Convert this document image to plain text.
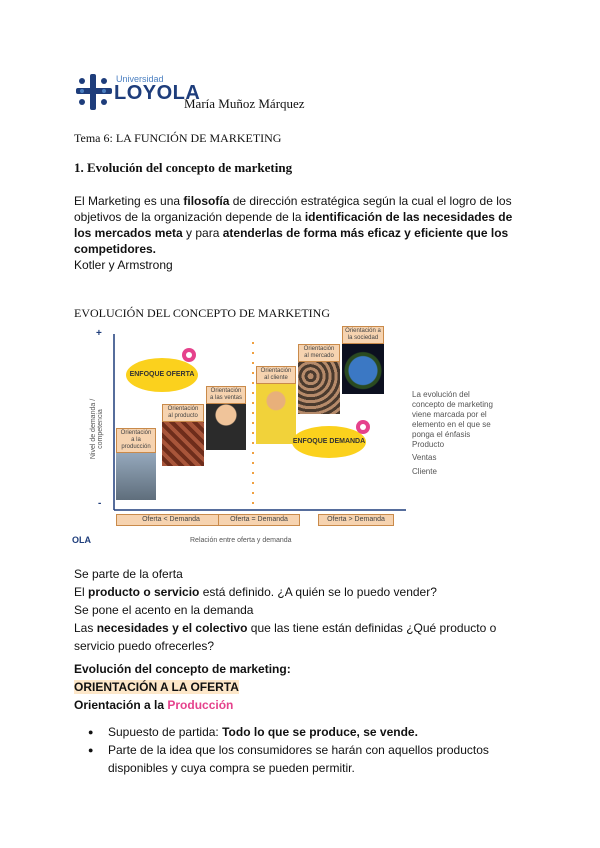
Universidad
LOYOLA
María Muñoz Márquez
Tema 6: LA FUNCIÓN DE MARKETING
1. Evolución del concepto de marketing
El Marketing es una filosofía de dirección estratégica según la cual el logro de los objetivos de la organización depende de la identificación de las necesidades de los mercados meta y para atenderlas de forma más eficaz y eficiente que los competidores.
Kotler y Armstrong
EVOLUCIÓN DEL CONCEPTO DE MARKETING
+
-
Nivel de demanda / competencia	Orientación a la producción
Orientación al producto
Orientación a las ventas
Orientación al cliente
Orientación al mercado
Orientación a la sociedad
ENFOQUE OFERTA
ENFOQUE DEMANDA
La evolución del concepto de marketing viene marcada por el elemento en el que se ponga el énfasis
Producto
Ventas
Cliente
Oferta < Demanda	Oferta = Demanda	Oferta > Demanda
Relación entre oferta y demanda
OLA
Se parte de la oferta
El producto o servicio está definido. ¿A quién se lo puedo vender?
Se pone el acento en la demanda
Las necesidades y el colectivo que las tiene están definidas ¿Qué producto o servicio puedo ofrecerles?
Evolución del concepto de marketing:
ORIENTACIÓN A LA OFERTA
Orientación a la Producción
● Supuesto de partida: Todo lo que se produce, se vende.
● Parte de la idea que los consumidores se harán con aquellos productos disponibles y cuya compra se pueden permitir.
